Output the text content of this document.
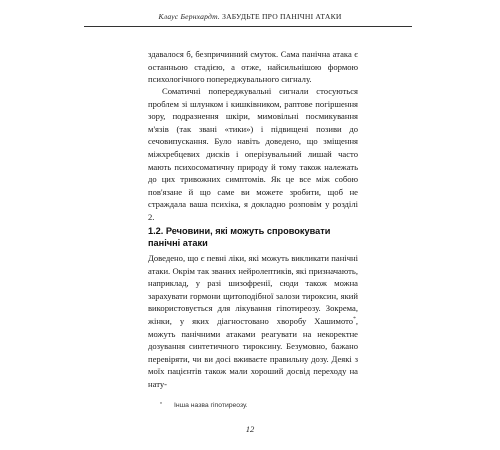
Клаус Бернхардт. ЗАБУДЬТЕ ПРО ПАНІЧНІ АТАКИ

здавалося б, безпричинний смуток. Сама панічна атака є останньою стадією, а отже, найсильнішою формою психологічного попереджувального сигналу.

Соматичні попереджувальні сигнали стосуються проблем зі шлунком і кишківником, раптове погіршення зору, подразнення шкіри, мимовільні посмикування м'язів (так звані «тики») і підвищені позиви до сечовипускання. Було навіть доведено, що зміщення міжхребцевих дисків і оперізувальний лишай часто мають психосоматичну природу й тому також належать до цих тривожних симптомів. Як це все між собою пов'язане й що саме ви можете зробити, щоб не страждала ваша психіка, я докладно розповім у розділі 2.

1.2. Речовини, які можуть спровокувати панічні атаки

Доведено, що є певні ліки, які можуть викликати панічні атаки. Окрім так званих нейролептиків, які призначають, наприклад, у разі шизофренії, сюди також можна зарахувати гормони щитоподібної залози тироксин, який використовується для лікування гіпотиреозу. Зокрема, жінки, у яких діагностовано хворобу Хашимото*, можуть панічними атаками реагувати на некоректне дозування синтетичного тироксину. Безумовно, бажано перевіряти, чи ви досі вживаєте правильну дозу. Деякі з моїх пацієнтів також мали хороший досвід переходу на нату-

* Інша назва гіпотиреозу.
12
